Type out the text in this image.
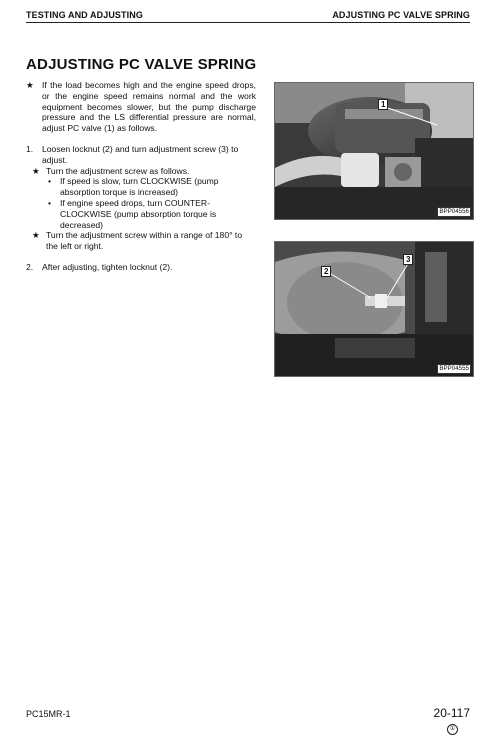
TESTING AND ADJUSTING	ADJUSTING PC VALVE SPRING
ADJUSTING PC VALVE SPRING
★ If the load becomes high and the engine speed drops, or the engine speed remains normal and the work equipment becomes slower, but the pump discharge pressure and the LS differential pressure are normal, adjust PC valve (1) as follows.
1. Loosen locknut (2) and turn adjustment screw (3) to adjust.
★ Turn the adjustment screw as follows.
• If speed is slow, turn CLOCKWISE (pump absorption torque is increased)
• If engine speed drops, turn COUNTER-CLOCKWISE (pump absorption torque is decreased)
★ Turn the adjustment screw within a range of 180° to the left or right.
2. After adjusting, tighten locknut (2).
1
BPP04556
2
3
BPP04555
PC15MR-1	20-117
①
